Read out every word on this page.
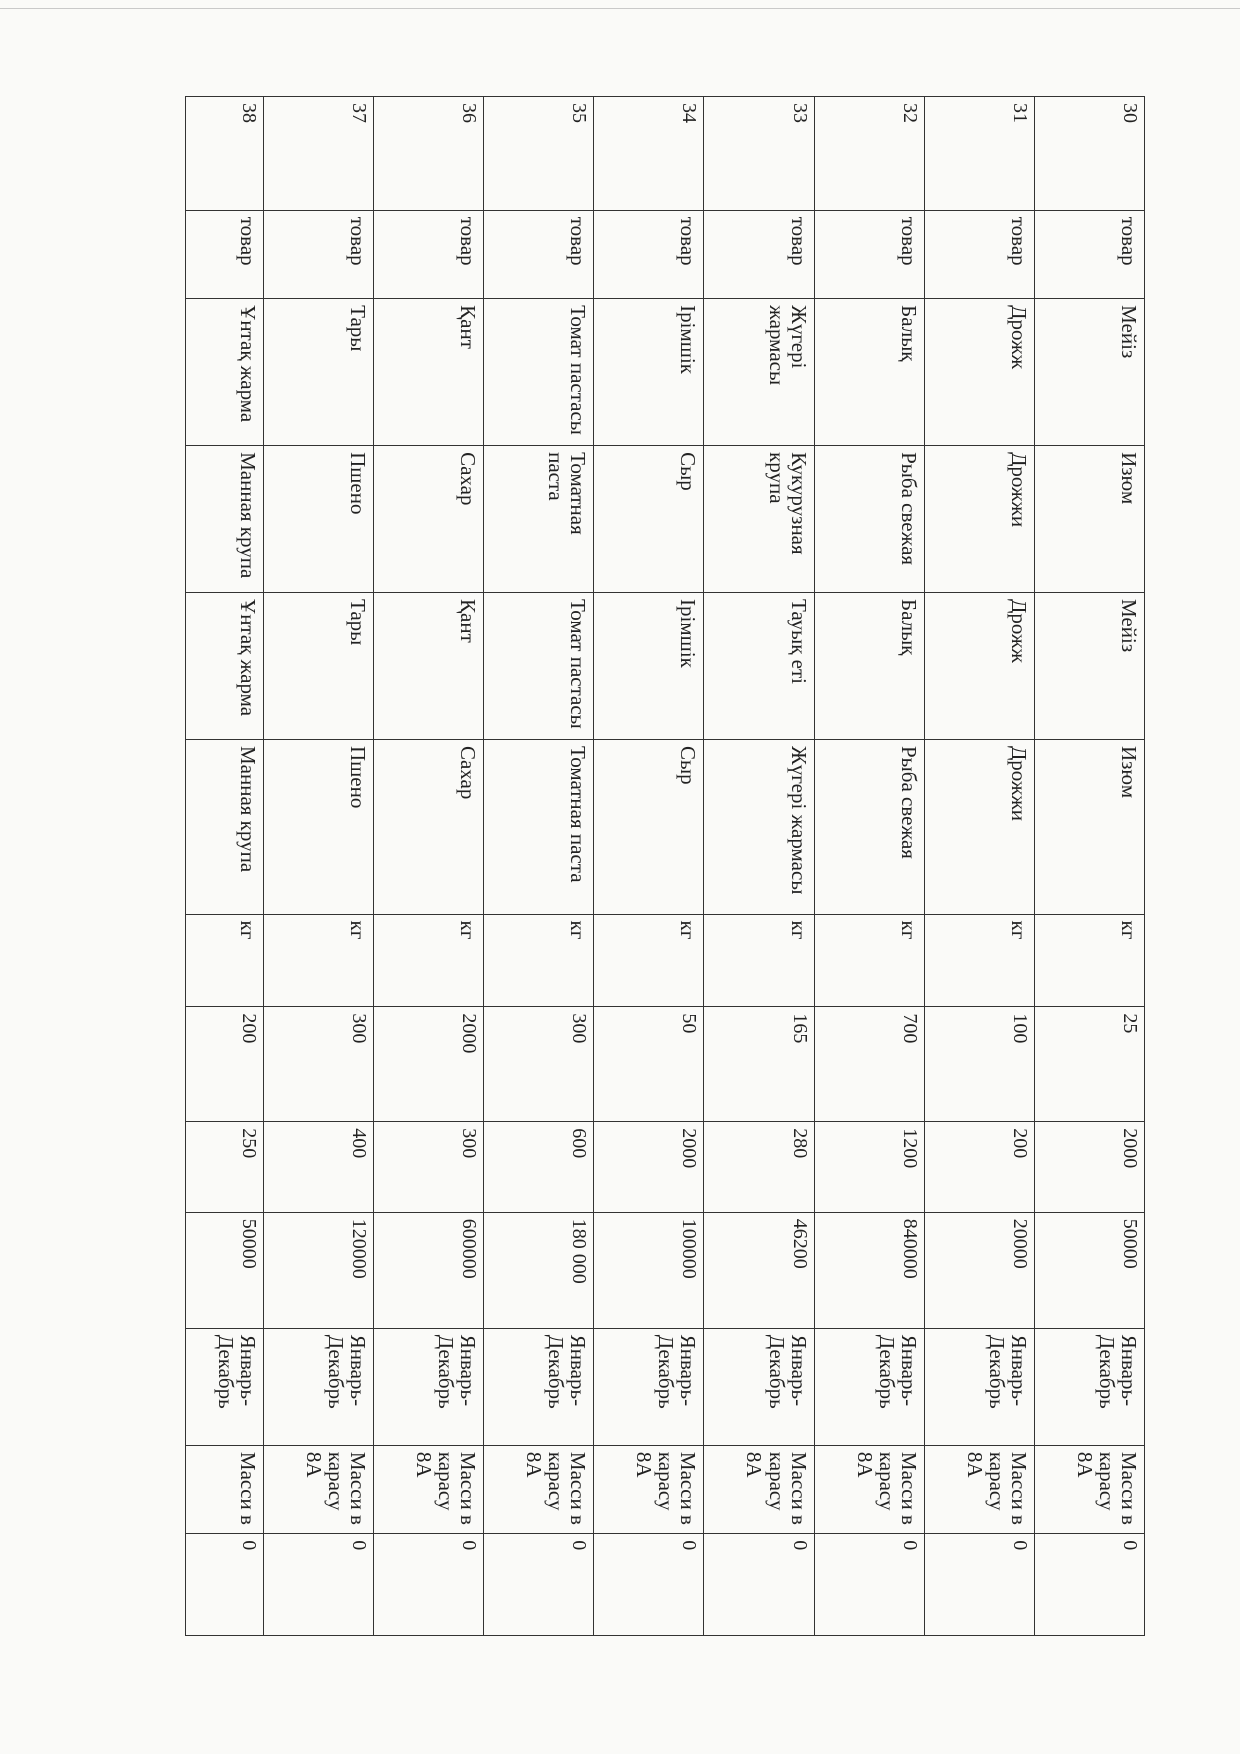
30	товар	Мейіз	Изюм	Мейіз	Изюм	кг	25	2000	50000	Январь-Декабрь	Масси в карасу 8А	0
31	товар	Дрожж	Дрожжи	Дрожж	Дрожжи	кг	100	200	20000	Январь-Декабрь	Масси в карасу 8А	0
32	товар	Балық	Рыба свежая	Балық	Рыба свежая	кг	700	1200	840000	Январь-Декабрь	Масси в карасу 8А	0
33	товар	Жүгері жармасы	Кукурузная крупа	Тауық еті	Жүгері жармасы	кг	165	280	46200	Январь-Декабрь	Масси в карасу 8А	0
34	товар	Ірімшік	Сыр	Ірімшік	Сыр	кг	50	2000	100000	Январь-Декабрь	Масси в карасу 8А	0
35	товар	Томат пастасы	Томатная паста	Томат пастасы	Томатная паста	кг	300	600	180 000	Январь-Декабрь	Масси в карасу 8А	0
36	товар	Қант	Сахар	Қант	Сахар	кг	2000	300	600000	Январь-Декабрь	Масси в карасу 8А	0
37	товар	Тары	Пшено	Тары	Пшено	кг	300	400	120000	Январь-Декабрь	Масси в карасу 8А	0
38	товар	Ұнтақ жарма	Манная крупа	Ұнтақ жарма	Манная крупа	кг	200	250	50000	Январь-Декабрь	Масси в	0
